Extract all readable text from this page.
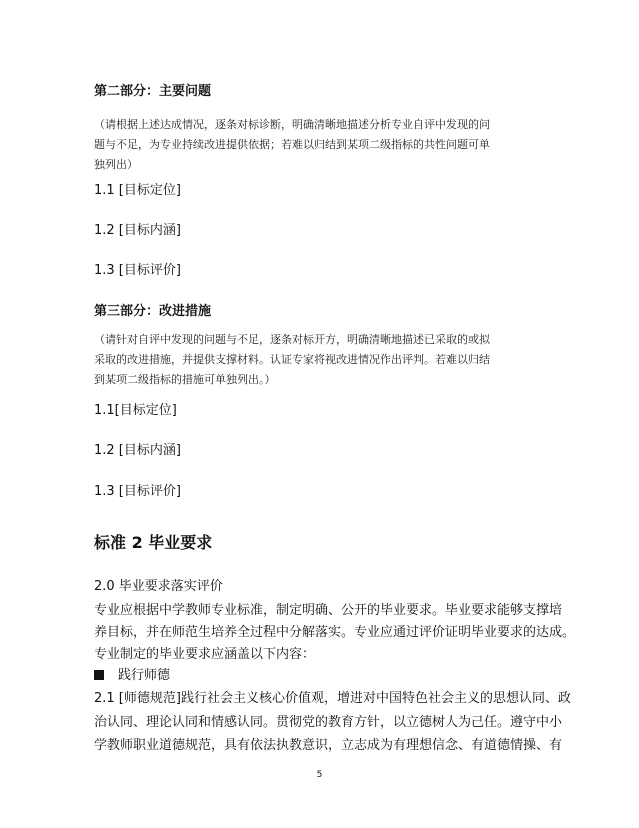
第二部分：主要问题
（请根据上述达成情况，逐条对标诊断，明确清晰地描述分析专业自评中发现的问
题与不足，为专业持续改进提供依据；若难以归结到某项二级指标的共性问题可单
独列出）
1.1 [目标定位]
1.2 [目标内涵]
1.3 [目标评价]
第三部分：改进措施
（请针对自评中发现的问题与不足，逐条对标开方，明确清晰地描述已采取的或拟
采取的改进措施，并提供支撑材料。认证专家将视改进情况作出评判。若难以归结
到某项二级指标的措施可单独列出。）
1.1[目标定位]
1.2 [目标内涵]
1.3 [目标评价]
标准 2 毕业要求
2.0 毕业要求落实评价
专业应根据中学教师专业标准，制定明确、公开的毕业要求。毕业要求能够支撑培
养目标，并在师范生培养全过程中分解落实。专业应通过评价证明毕业要求的达成。
专业制定的毕业要求应涵盖以下内容：
践行师德
2.1 [师德规范]践行社会主义核心价值观，增进对中国特色社会主义的思想认同、政
治认同、理论认同和情感认同。贯彻党的教育方针，以立德树人为己任。遵守中小
学教师职业道德规范，具有依法执教意识，立志成为有理想信念、有道德情操、有
5
